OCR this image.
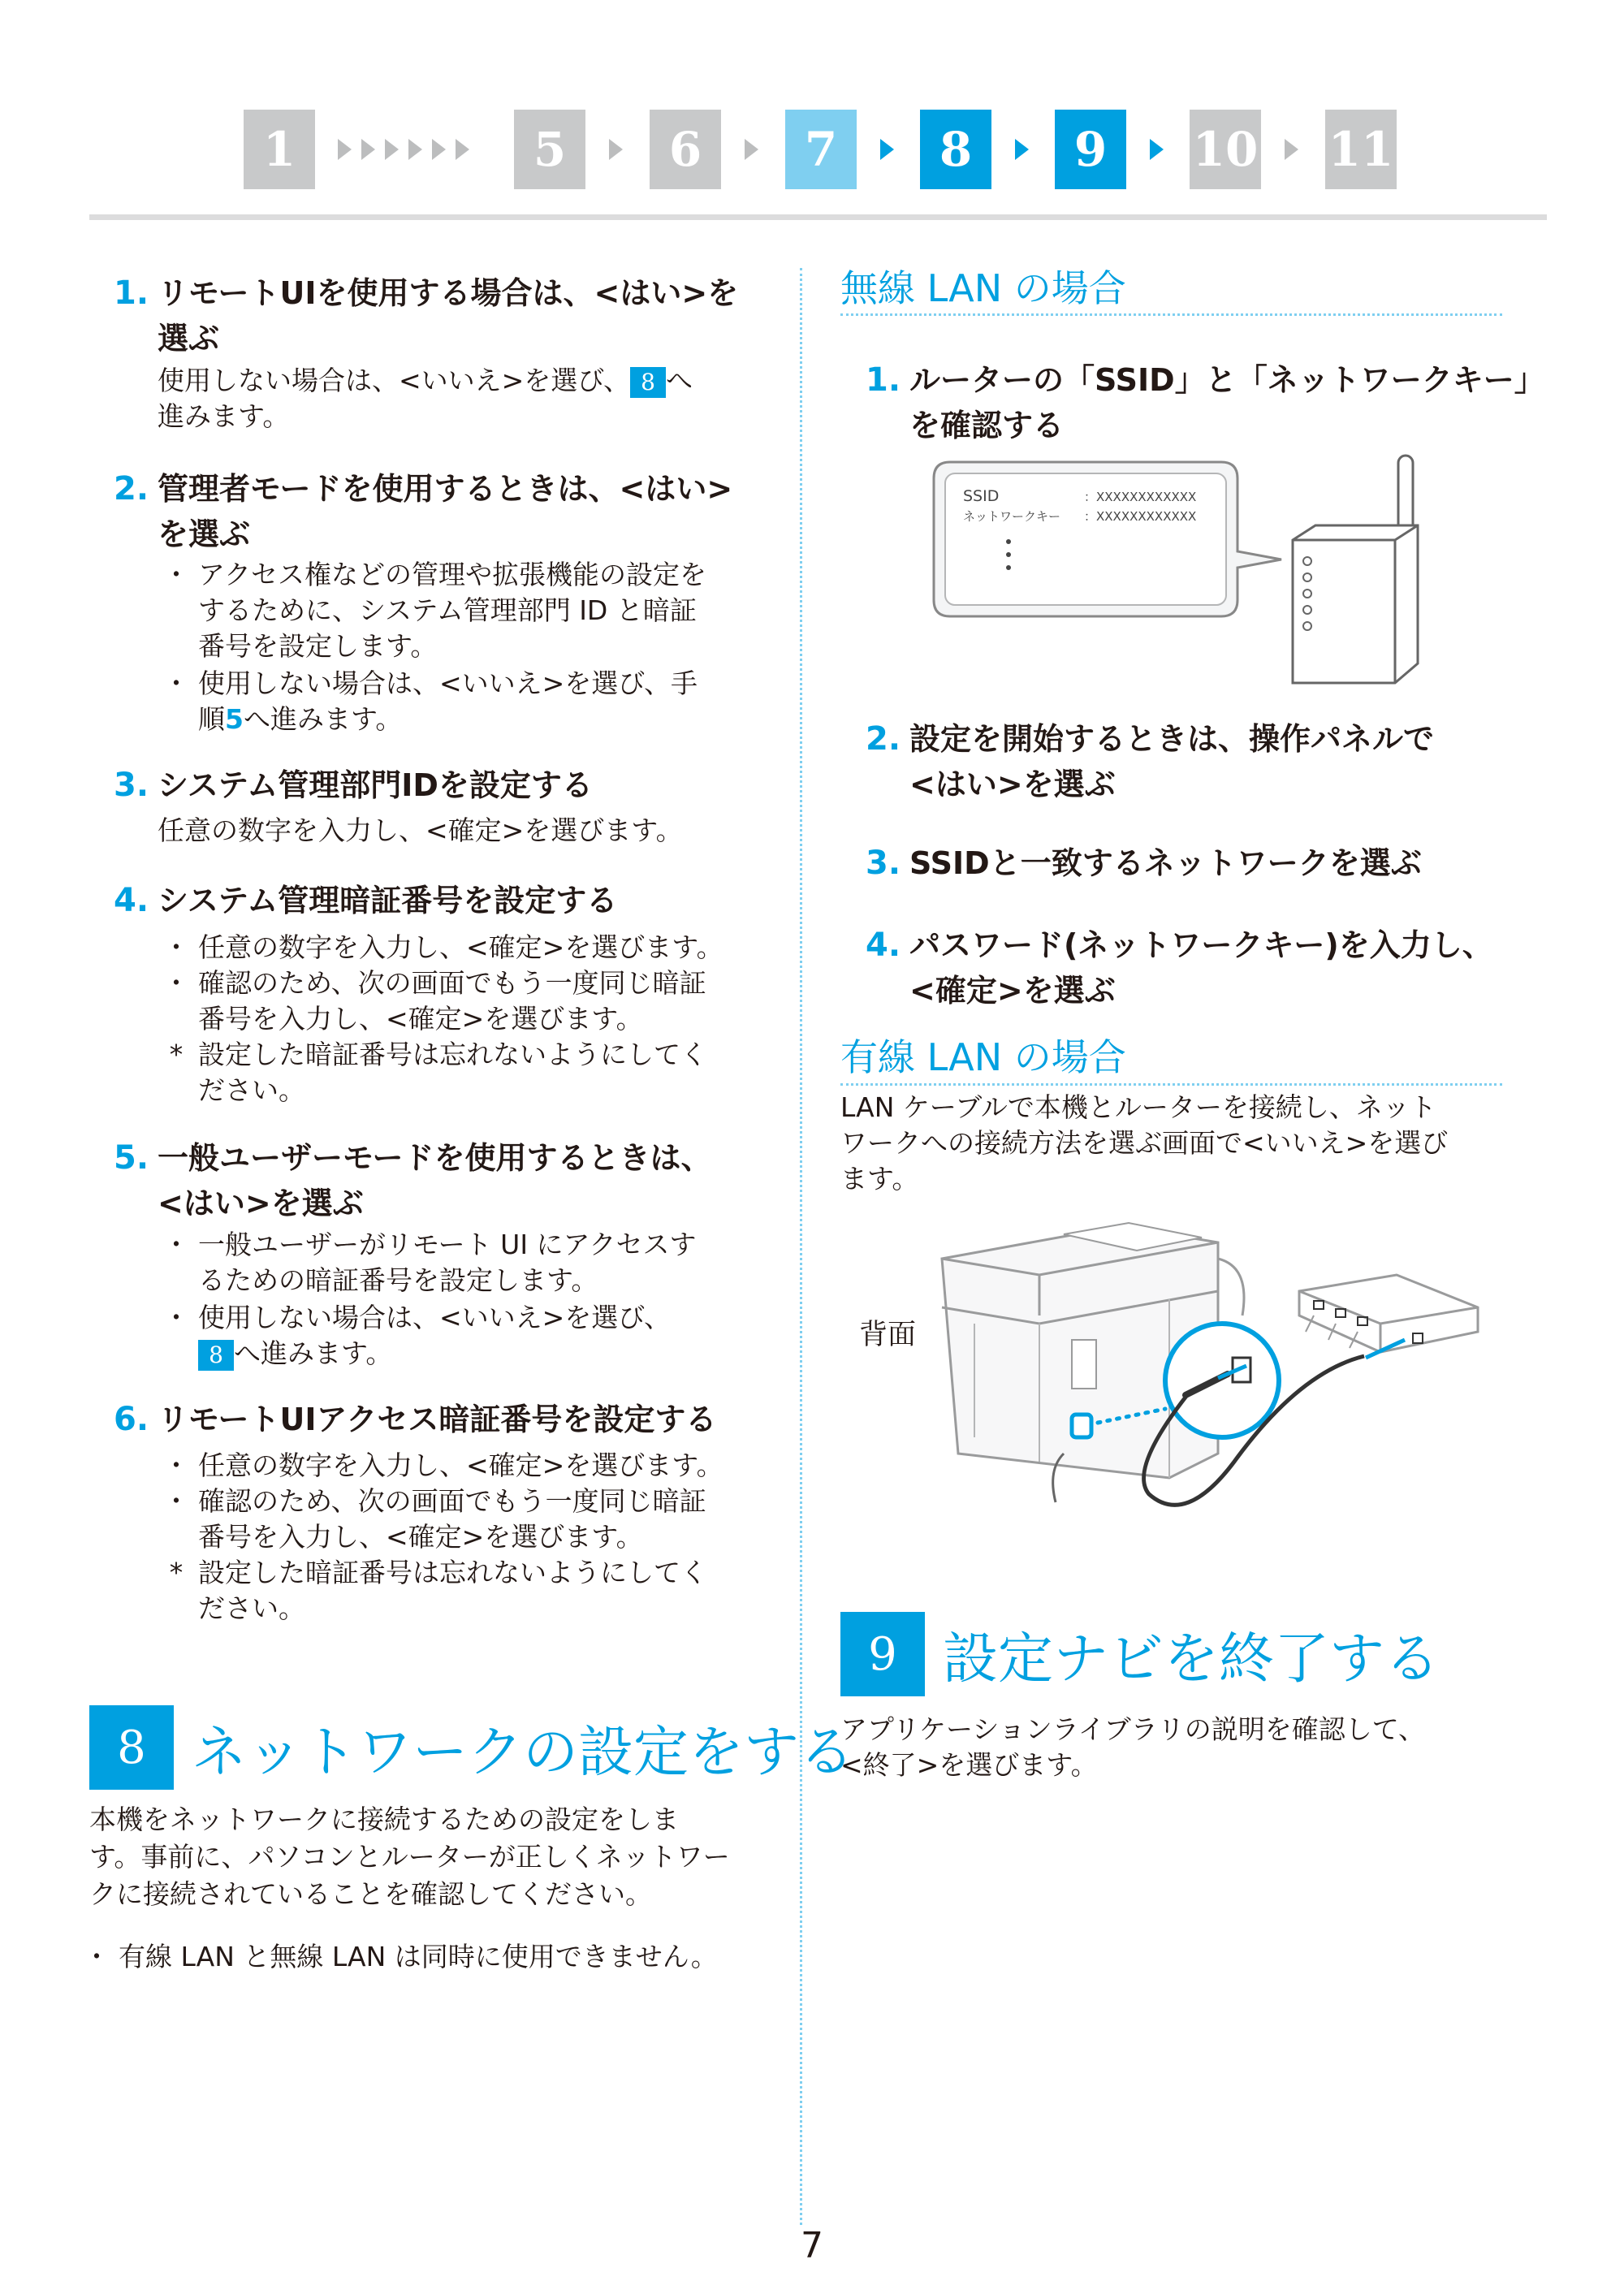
1	5	6	7	8	9	10 11
1. リモートUIを使用する場合は、<はい>を
選ぶ
使用しない場合は、<いいえ>を選び、 8 へ
進みます。
2. 管理者モードを使用するときは、<はい>
を選ぶ
・ アクセス権などの管理や拡張機能の設定を
するために、システム管理部門 ID と暗証
番号を設定します。
・ 使用しない場合は、<いいえ>を選び、手
順5へ進みます。
3. システム管理部門IDを設定する
任意の数字を入力し、<確定>を選びます。
4. システム管理暗証番号を設定する
・ 任意の数字を入力し、<確定>を選びます。
・ 確認のため、次の画面でもう一度同じ暗証
番号を入力し、<確定>を選びます。
* 設定した暗証番号は忘れないようにしてく
ださい。
5. 一般ユーザーモードを使用するときは、
<はい>を選ぶ
・ 一般ユーザーがリモート UI にアクセスす
るための暗証番号を設定します。
・ 使用しない場合は、<いいえ>を選び、
8 へ進みます。
6. リモートUIアクセス暗証番号を設定する
・ 任意の数字を入力し、<確定>を選びます。
・ 確認のため、次の画面でもう一度同じ暗証
番号を入力し、<確定>を選びます。
* 設定した暗証番号は忘れないようにしてく
ださい。
8 ネットワークの設定をする
本機をネットワークに接続するための設定をしま
す。事前に、パソコンとルーターが正しくネットワー
クに接続されていることを確認してください。
・ 有線 LAN と無線 LAN は同時に使用できません。
無線 LAN の場合
1. ルーターの「SSID」と「ネットワークキー」
を確認する
SSID	：XXXXXXXXXXXX
ネットワークキー ：XXXXXXXXXXXX
2. 設定を開始するときは、操作パネルで
<はい>を選ぶ
3. SSIDと一致するネットワークを選ぶ
4. パスワード(ネットワークキー)を入力し、
<確定>を選ぶ
有線 LAN の場合
LAN ケーブルで本機とルーターを接続し、ネット
ワークへの接続方法を選ぶ画面で<いいえ>を選び
ます。
背面
9 設定ナビを終了する
アプリケーションライブラリの説明を確認して、
<終了>を選びます。
7
